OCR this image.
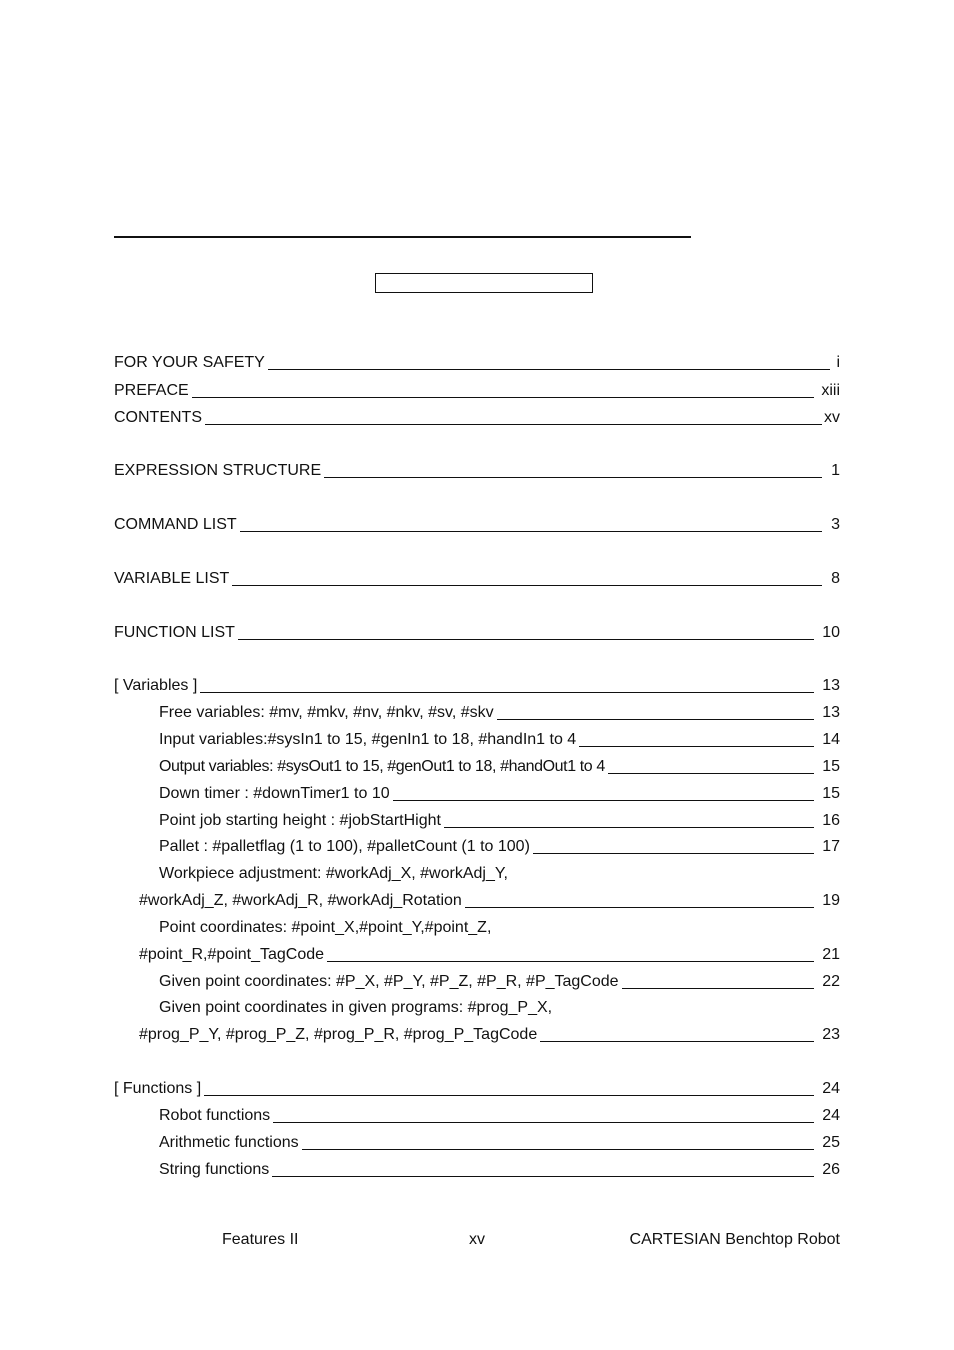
FOR YOUR SAFETY	i
PREFACE	xiii
CONTENTS	xv
EXPRESSION STRUCTURE	1
COMMAND LIST	3
VARIABLE LIST	8
FUNCTION LIST	10
[ Variables ]	13
Free variables: #mv, #mkv, #nv, #nkv, #sv, #skv	13
Input variables:#sysIn1 to 15, #genIn1 to 18, #handIn1 to 4	14
Output variables: #sysOut1 to 15, #genOut1 to 18, #handOut1 to 4	15
Down timer : #downTimer1 to 10	15
Point job starting height : #jobStartHight	16
Pallet : #palletflag (1 to 100), #palletCount (1 to 100)	17
Workpiece adjustment: #workAdj_X, #workAdj_Y,
#workAdj_Z, #workAdj_R, #workAdj_Rotation	19
Point coordinates: #point_X,#point_Y,#point_Z,
#point_R,#point_TagCode	21
Given point coordinates: #P_X, #P_Y, #P_Z, #P_R, #P_TagCode	22
Given point coordinates in given programs: #prog_P_X,
#prog_P_Y, #prog_P_Z, #prog_P_R, #prog_P_TagCode	23
[ Functions ]	24
Robot functions	24
Arithmetic functions	25
String functions	26
Features II	xv	CARTESIAN Benchtop Robot
